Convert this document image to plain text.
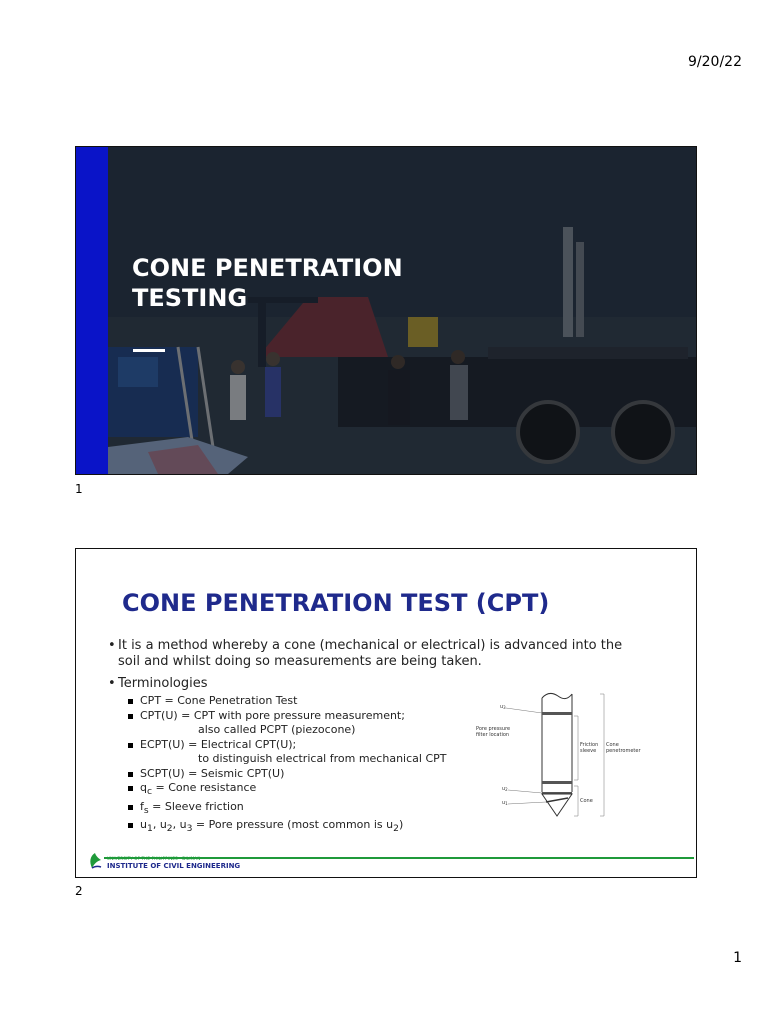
9/20/22
CONE PENETRATION
TESTING
1
CONE PENETRATION TEST (CPT)
• It is a method whereby a cone (mechanical or electrical) is advanced into the soil and whilst doing so measurements are being taken.
• Terminologies
CPT = Cone Penetration Test
CPT(U) = CPT with pore pressure measurement;
also called PCPT (piezocone)
ECPT(U) = Electrical CPT(U);
to distinguish electrical from mechanical CPT
SCPT(U) = Seismic CPT(U)
$q_c$ = Cone resistance
$f_s$ = Sleeve friction
$u_1$, $u_2$, $u_3$ = Pore pressure (most common is $u_2$)
$u_3$
Pore pressure
filter location
Friction
sleeve
Cone
penetrometer
Cone
$u_2$
$u_1$
UNIVERSITY OF THE PHILIPPINES · DILIMAN
INSTITUTE OF CIVIL ENGINEERING
2
1
